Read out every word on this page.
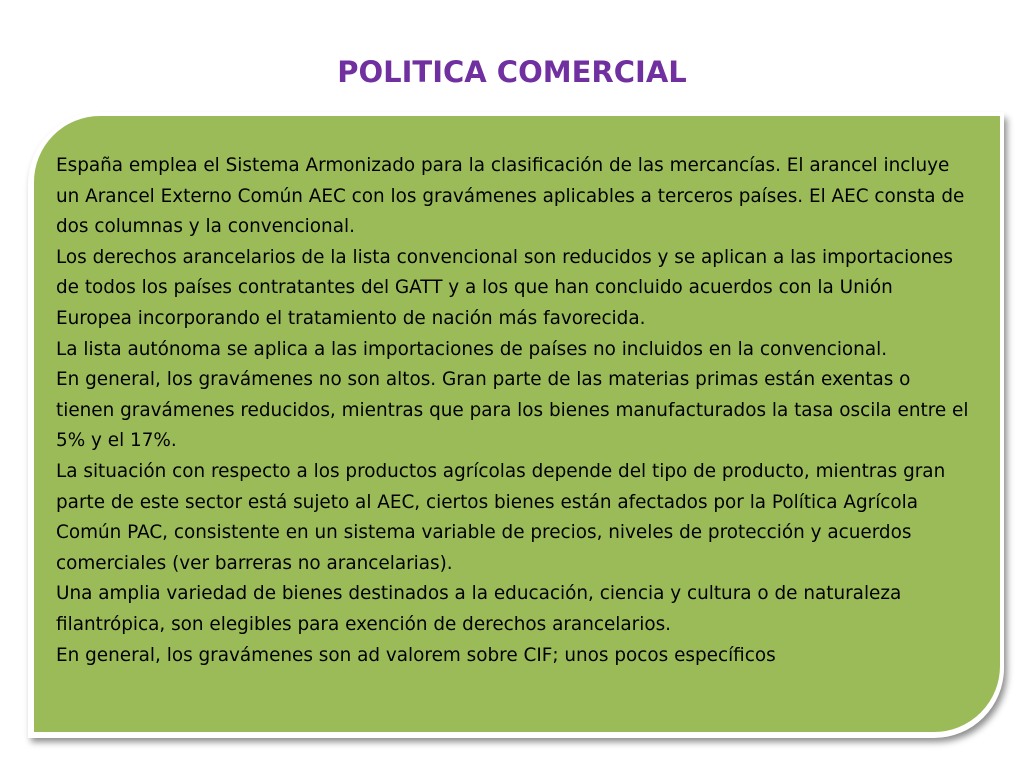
POLITICA COMERCIAL

España emplea el Sistema Armonizado para la clasificación de las mercancías. El arancel incluye un Arancel Externo Común AEC con los gravámenes aplicables a terceros países. El AEC consta de dos columnas y la convencional.

Los derechos arancelarios de la lista convencional son reducidos y se aplican a las importaciones de todos los países contratantes del GATT y a los que han concluido acuerdos con la Unión Europea incorporando el tratamiento de nación más favorecida.

La lista autónoma se aplica a las importaciones de países no incluidos en la convencional.

En general, los gravámenes no son altos. Gran parte de las materias primas están exentas o tienen gravámenes reducidos, mientras que para los bienes manufacturados la tasa oscila entre el 5% y el 17%.

La situación con respecto a los productos agrícolas depende del tipo de producto, mientras gran parte de este sector está sujeto al AEC, ciertos bienes están afectados por la Política Agrícola Común PAC, consistente en un sistema variable de precios, niveles de protección y acuerdos comerciales (ver barreras no arancelarias).

Una amplia variedad de bienes destinados a la educación, ciencia y cultura o de naturaleza filantrópica, son elegibles para exención de derechos arancelarios.

En general, los gravámenes son ad valorem sobre CIF; unos pocos específicos
